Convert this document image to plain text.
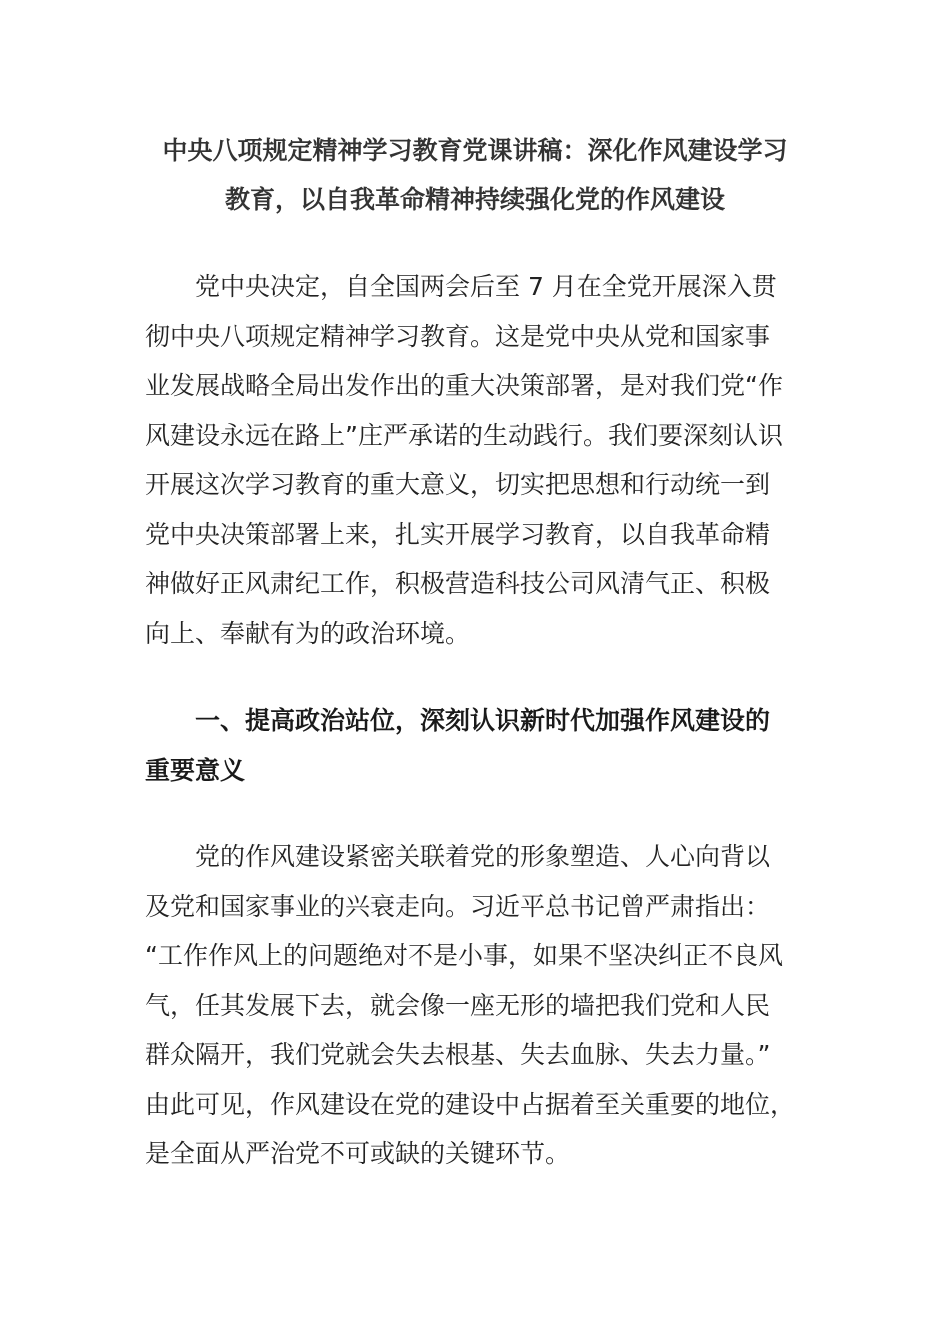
中央八项规定精神学习教育党课讲稿：深化作风建设学习
教育，以自我革命精神持续强化党的作风建设

党中央决定，自全国两会后至 7 月在全党开展深入贯
彻中央八项规定精神学习教育。这是党中央从党和国家事
业发展战略全局出发作出的重大决策部署，是对我们党“作
风建设永远在路上”庄严承诺的生动践行。我们要深刻认识
开展这次学习教育的重大意义，切实把思想和行动统一到
党中央决策部署上来，扎实开展学习教育，以自我革命精
神做好正风肃纪工作，积极营造科技公司风清气正、积极
向上、奉献有为的政治环境。

一、提高政治站位，深刻认识新时代加强作风建设的
重要意义

党的作风建设紧密关联着党的形象塑造、人心向背以
及党和国家事业的兴衰走向。习近平总书记曾严肃指出：
“工作作风上的问题绝对不是小事，如果不坚决纠正不良风
气，任其发展下去，就会像一座无形的墙把我们党和人民
群众隔开，我们党就会失去根基、失去血脉、失去力量。”
由此可见，作风建设在党的建设中占据着至关重要的地位，
是全面从严治党不可或缺的关键环节。
